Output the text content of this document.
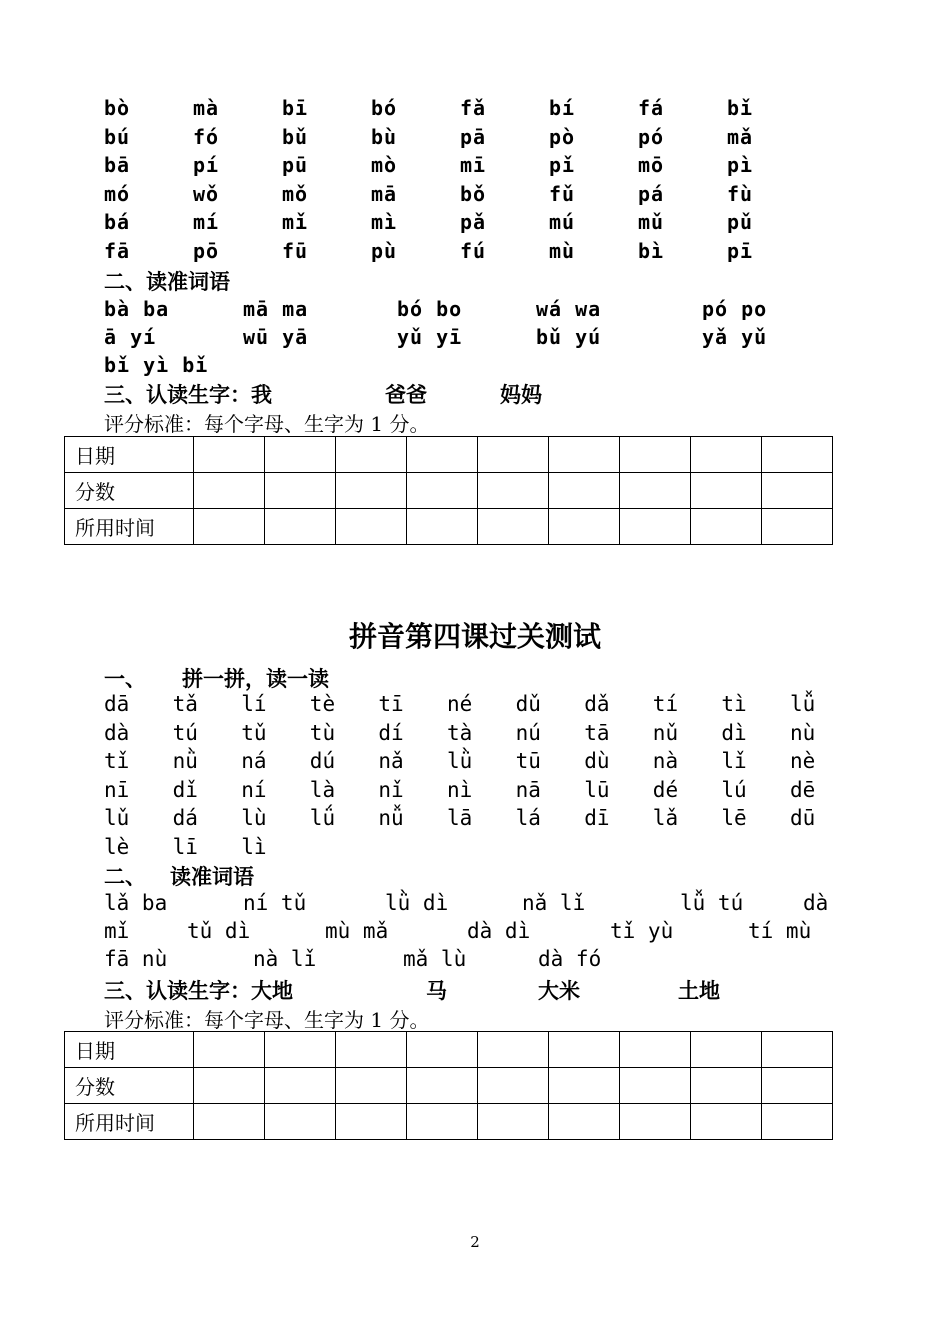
bò	mà	bī	bó	fǎ	bí	fá	bǐ
bú	fó	bǔ	bù	pā	pò	pó	mǎ
bā	pí	pū	mò	mī	pǐ	mō	pì
mó	wǒ	mǒ	mā	bǒ	fǔ	pá	fù
bá	mí	mǐ	mì	pǎ	mú	mǔ	pǔ
fā	pō	fū	pù	fú	mù	bì	pī
二、读准词语
bà ba	mā ma	bó bo	wá wa	pó po
ā yí	wū yā	yǔ yī	bǔ yú	yǎ yǔ
bǐ yì bǐ
三、认读生字：我	爸爸	妈妈
评分标准：每个字母、生字为 1 分。
日期									
分数									
所用时间									
拼音第四课过关测试
一、 拼一拼，读一读
dā tǎ lí tè tī né dǔ dǎ tí tì lǚ
dà tú tǔ tù dí tà nú tā nǔ dì nù
tǐ nǜ ná dú nǎ lǜ tū dù nà lǐ nè
nī dǐ ní là nǐ nì nā lū dé lú dē
lǔ dá lù lǘ nǚ lā lá dī lǎ lē dū
lè lī lì
二、 读准词语
lǎ ba	ní tǔ	lǜ dì	nǎ lǐ	lǚ tú	dà
mǐ	tǔ dì	mù mǎ	dà dì	tǐ yù	tí mù
fā nù	nà lǐ	mǎ lù	dà fó
三、认读生字：大地	马	大米	土地
评分标准：每个字母、生字为 1 分。
日期									
分数									
所用时间									
2
